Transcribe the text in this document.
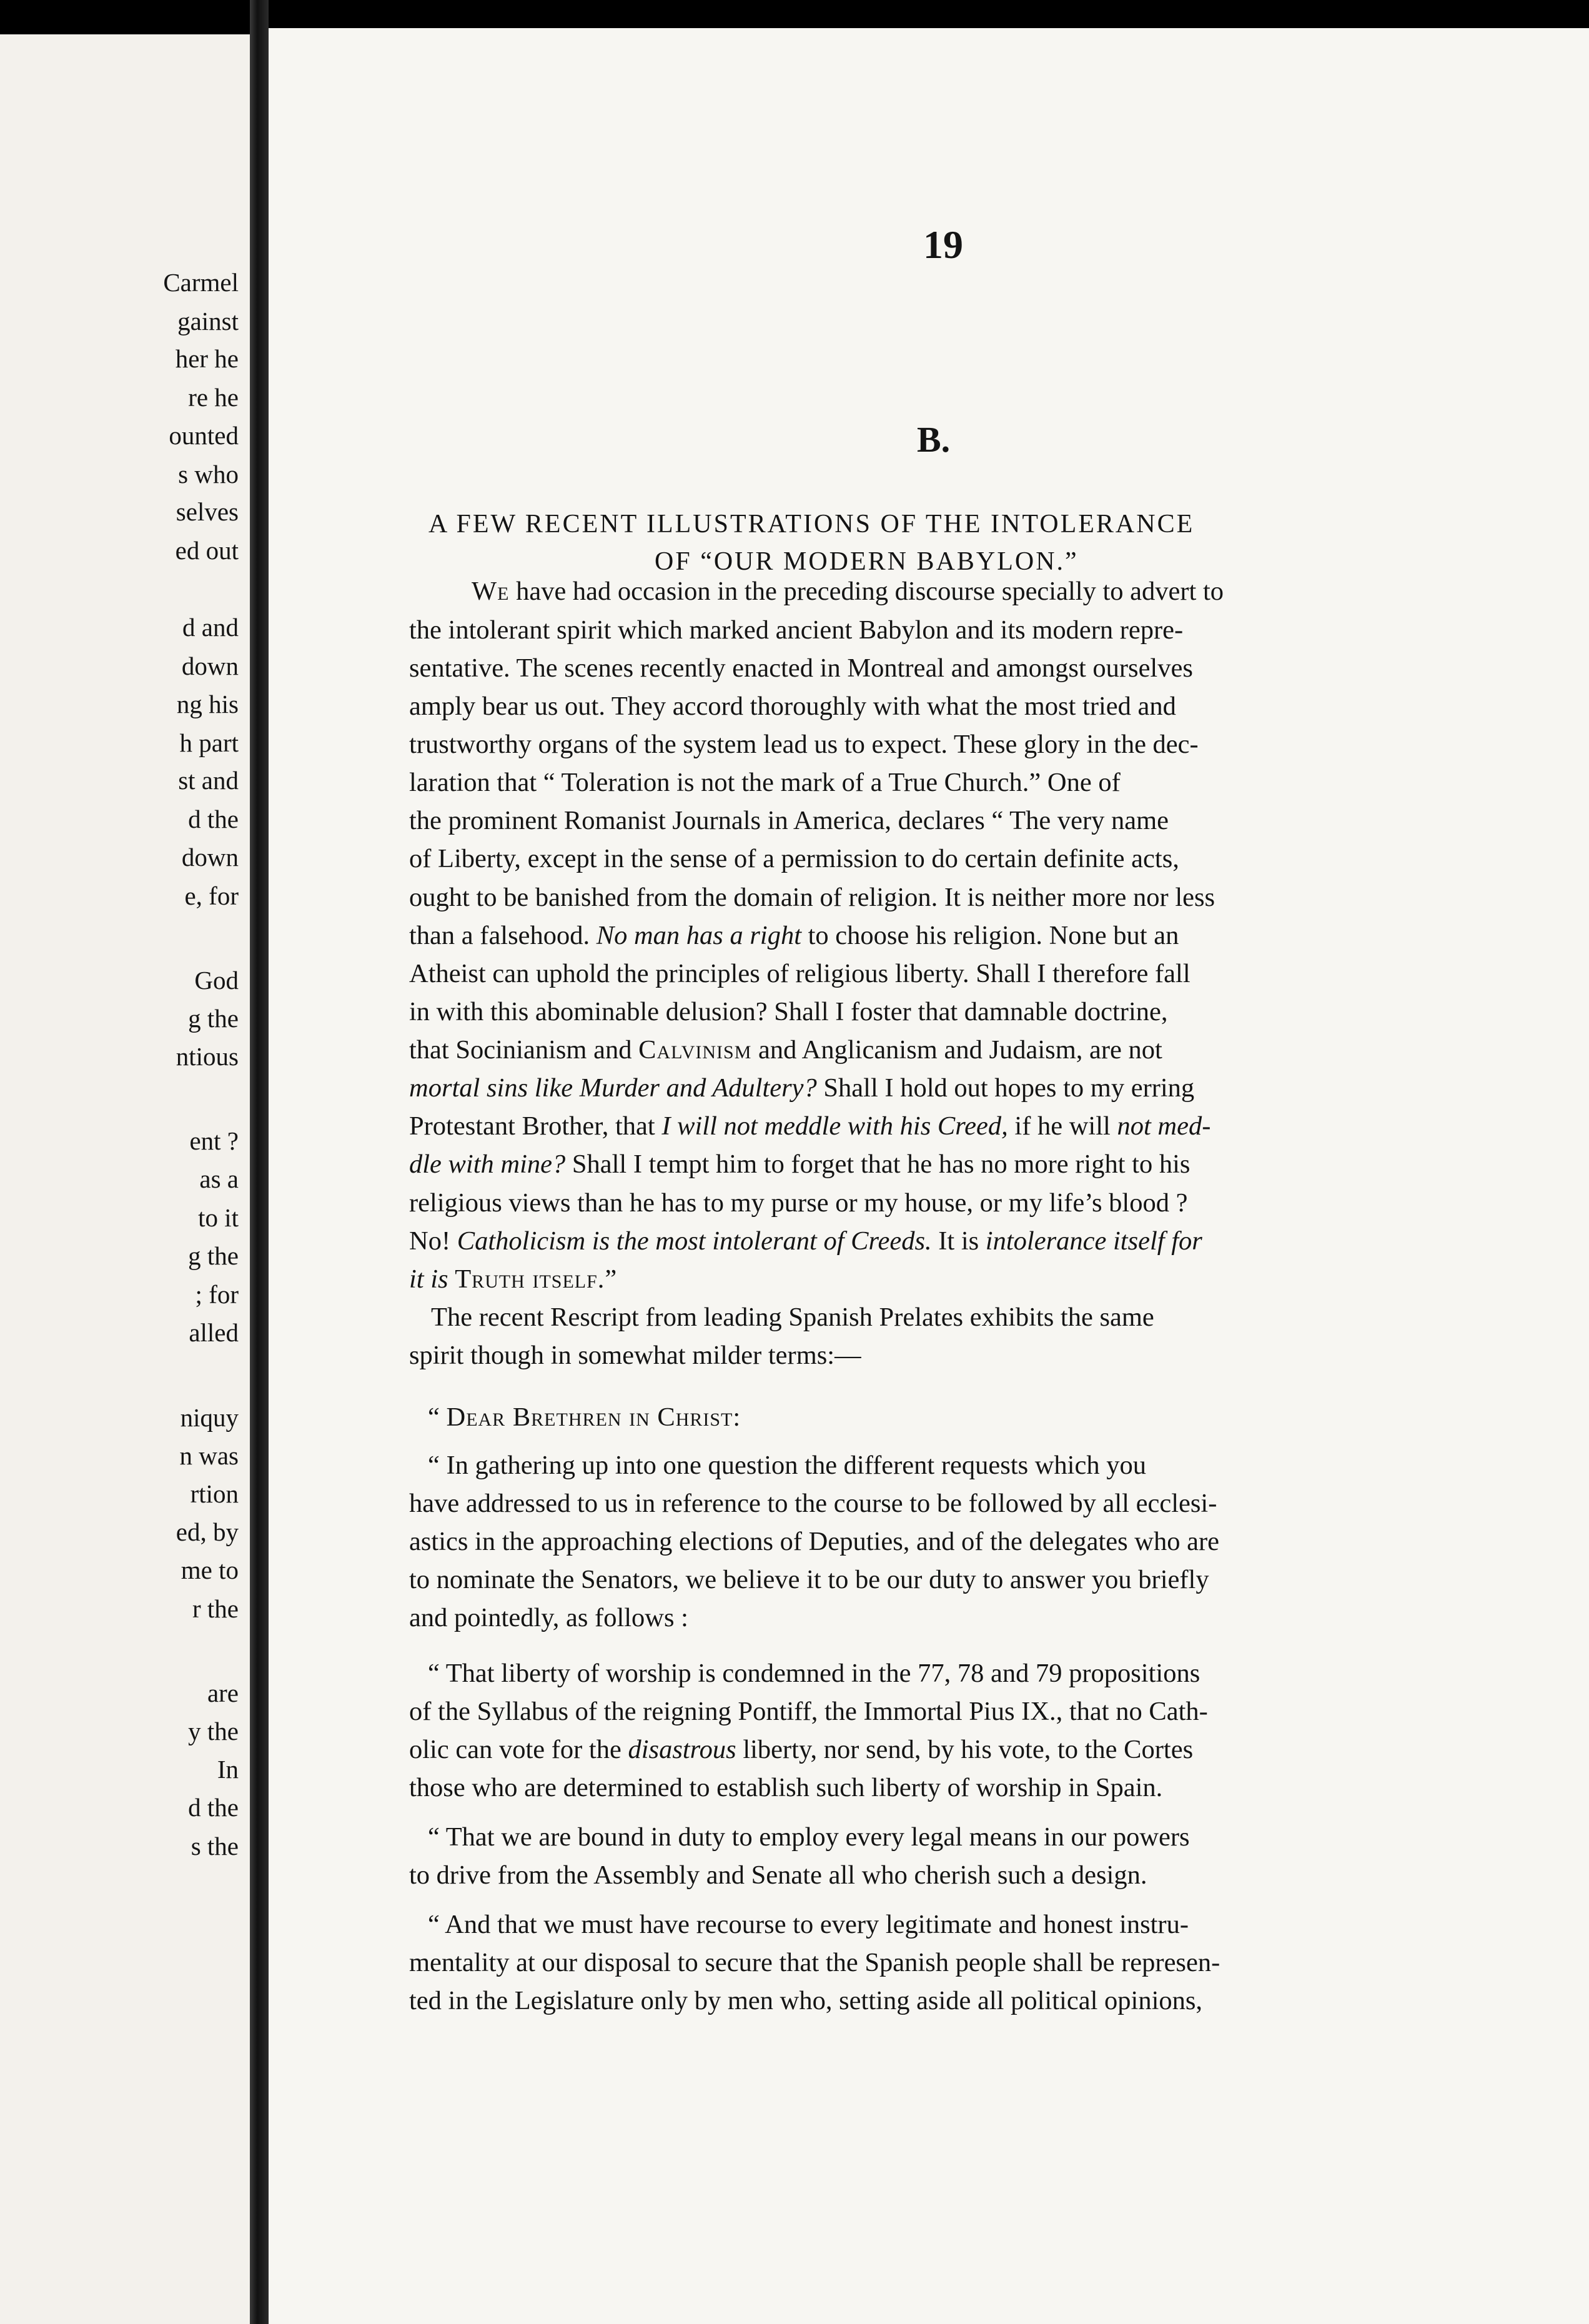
Carmel
gainst
her he
re he
ounted
s who
selves
ed out
d and
down
ng his
h part
st and
d the
down
e, for
God
g the
ntious
ent ?
as a
to it
g the
; for
alled
niquy
n was
rtion
ed, by
me to
r the
are
y the
In
d the
s the
19
B.
A FEW RECENT ILLUSTRATIONS OF THE INTOLERANCE
OF “OUR MODERN BABYLON.”
We have had occasion in the preceding discourse specially to advert to
the intolerant spirit which marked ancient Babylon and its modern repre-
sentative. The scenes recently enacted in Montreal and amongst ourselves
amply bear us out. They accord thoroughly with what the most tried and
trustworthy organs of the system lead us to expect. These glory in the dec-
laration that “ Toleration is not the mark of a True Church.” One of
the prominent Romanist Journals in America, declares “ The very name
of Liberty, except in the sense of a permission to do certain definite acts,
ought to be banished from the domain of religion. It is neither more nor less
than a falsehood. No man has a right to choose his religion. None but an
Atheist can uphold the principles of religious liberty. Shall I therefore fall
in with this abominable delusion? Shall I foster that damnable doctrine,
that Socinianism and Calvinism and Anglicanism and Judaism, are not
mortal sins like Murder and Adultery? Shall I hold out hopes to my erring
Protestant Brother, that I will not meddle with his Creed, if he will not med-
dle with mine? Shall I tempt him to forget that he has no more right to his
religious views than he has to my purse or my house, or my life’s blood ?
No! Catholicism is the most intolerant of Creeds. It is intolerance itself for
it is Truth itself.”
The recent Rescript from leading Spanish Prelates exhibits the same
spirit though in somewhat milder terms:—
“ Dear Brethren in Christ:
“ In gathering up into one question the different requests which you
have addressed to us in reference to the course to be followed by all ecclesi-
astics in the approaching elections of Deputies, and of the delegates who are
to nominate the Senators, we believe it to be our duty to answer you briefly
and pointedly, as follows :
“ That liberty of worship is condemned in the 77, 78 and 79 propositions
of the Syllabus of the reigning Pontiff, the Immortal Pius IX., that no Cath-
olic can vote for the disastrous liberty, nor send, by his vote, to the Cortes
those who are determined to establish such liberty of worship in Spain.
“ That we are bound in duty to employ every legal means in our powers
to drive from the Assembly and Senate all who cherish such a design.
“ And that we must have recourse to every legitimate and honest instru-
mentality at our disposal to secure that the Spanish people shall be represen-
ted in the Legislature only by men who, setting aside all political opinions,
